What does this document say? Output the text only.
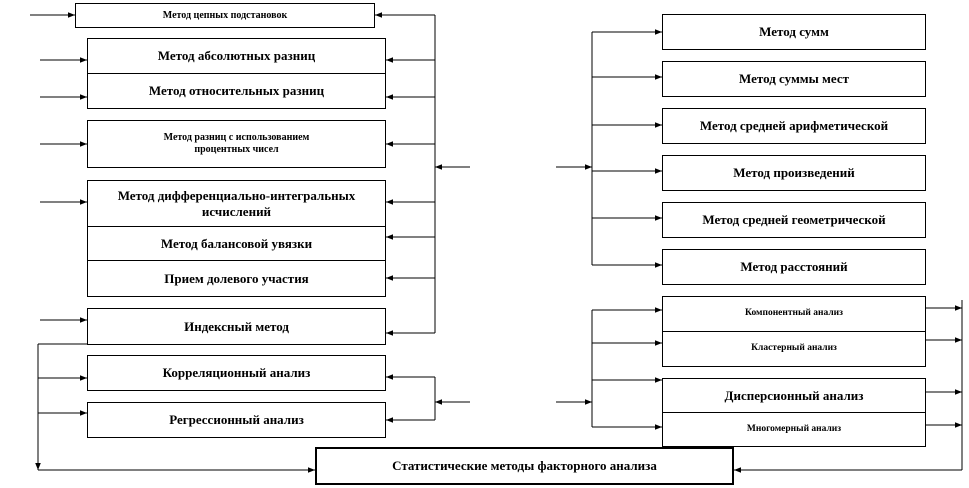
Метод цепных подстановок
Метод абсолютных разниц
Метод относительных разниц
Метод разниц с использованием процентных чисел
Метод дифференциально-интегральных исчислений
Метод балансовой увязки
Прием долевого участия
Индексный метод
Корреляционный анализ
Регрессионный анализ
Метод сумм
Метод суммы мест
Метод средней арифметической
Метод произведений
Метод средней геометрической
Метод расстояний
Компонентный анализ
Кластерный анализ
Дисперсионный анализ
Многомерный анализ
Статистические методы факторного анализа
